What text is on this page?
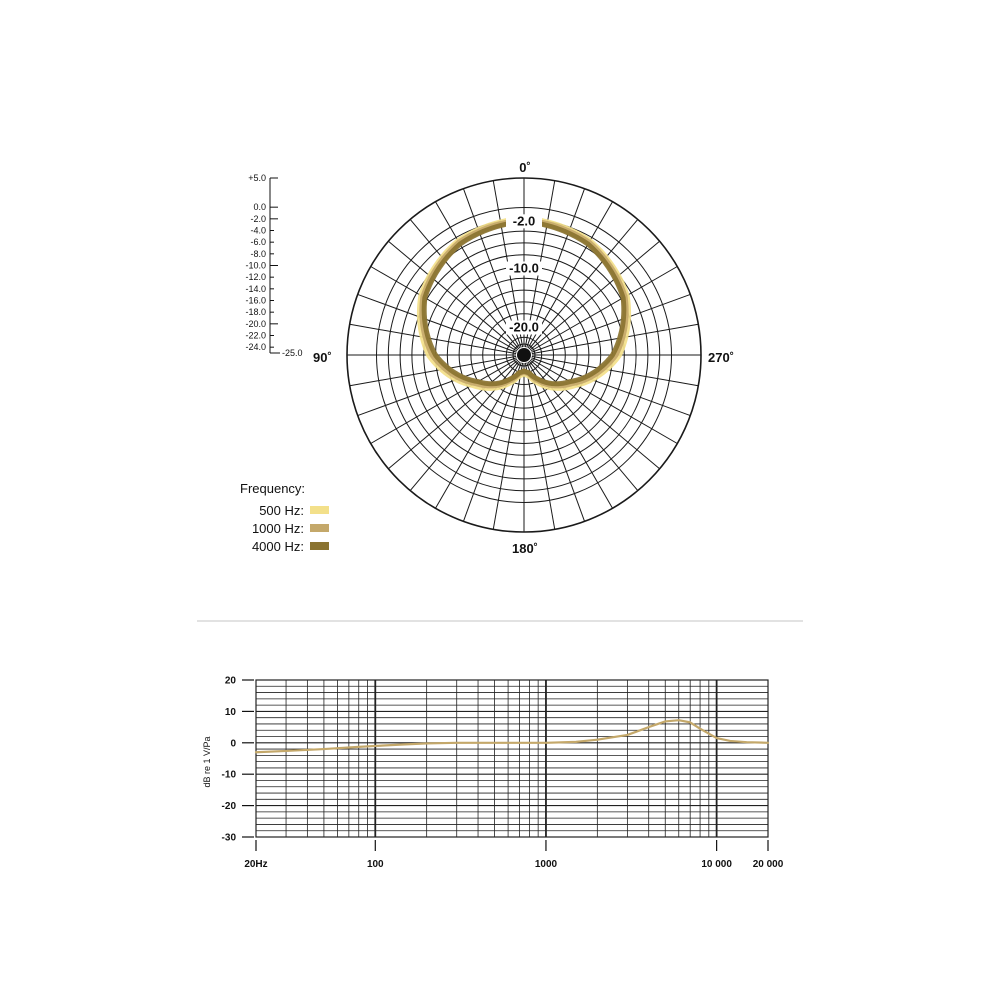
0˚
90˚	270˚
180˚
-2.0
-10.0
-20.0
+5.0
0.0
-2.0
-4.0
-6.0
-8.0
-10.0
-12.0
-14.0
-16.0
-18.0
-20.0
-22.0
-24.0
-25.0
Frequency:
500 Hz:
1000 Hz:
4000 Hz:
20
10
0
-10
-20
-30
20Hz	100	1000	10 000 20 000
dB re 1 V/Pa
